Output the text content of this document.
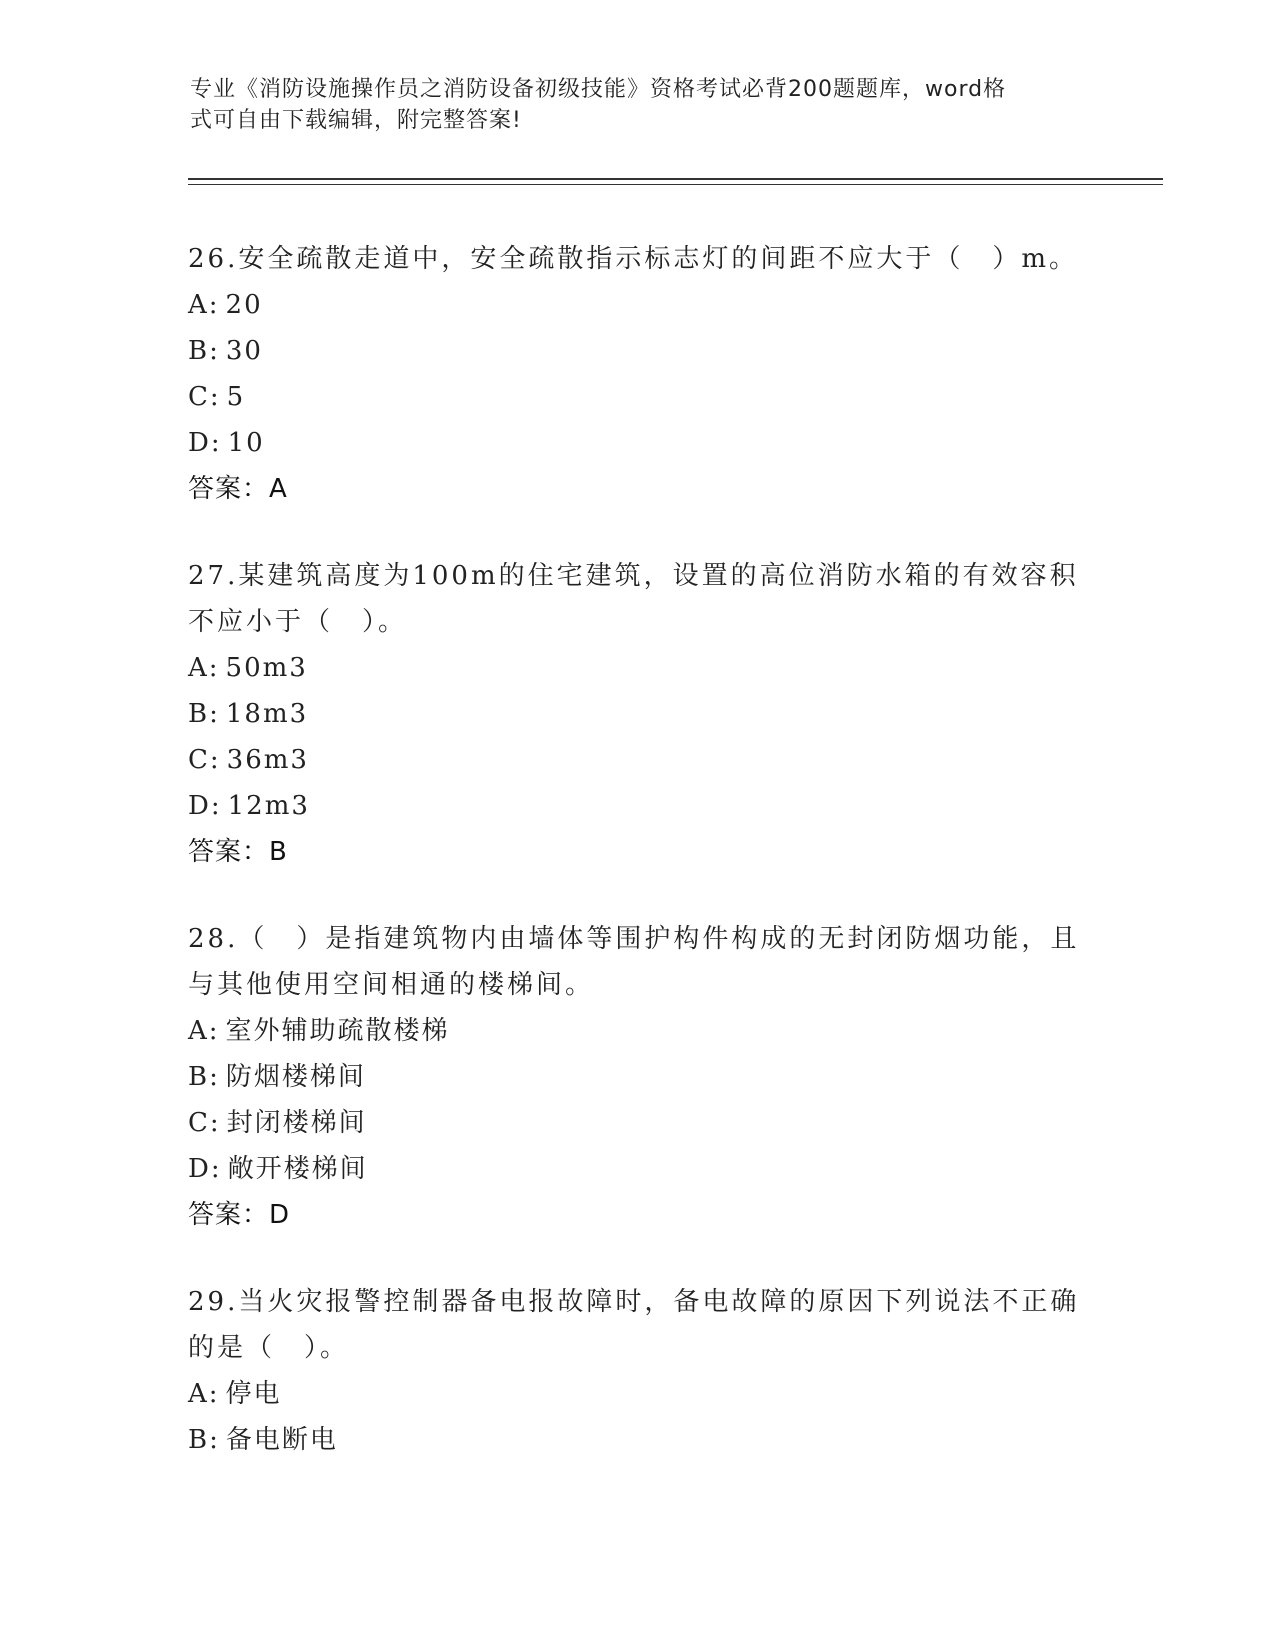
专业《消防设施操作员之消防设备初级技能》资格考试必背200题题库，word格
式可自由下载编辑，附完整答案!
26.安全疏散走道中，安全疏散指示标志灯的间距不应大于（　）m。
A: 20
B: 30
C: 5
D: 10
答案：A
27.某建筑高度为100m的住宅建筑，设置的高位消防水箱的有效容积
不应小于（　）。
A: 50m3
B: 18m3
C: 36m3
D: 12m3
答案：B
28.（　）是指建筑物内由墙体等围护构件构成的无封闭防烟功能，且
与其他使用空间相通的楼梯间。
A: 室外辅助疏散楼梯
B: 防烟楼梯间
C: 封闭楼梯间
D: 敞开楼梯间
答案：D
29.当火灾报警控制器备电报故障时，备电故障的原因下列说法不正确
的是（　）。
A: 停电
B: 备电断电
